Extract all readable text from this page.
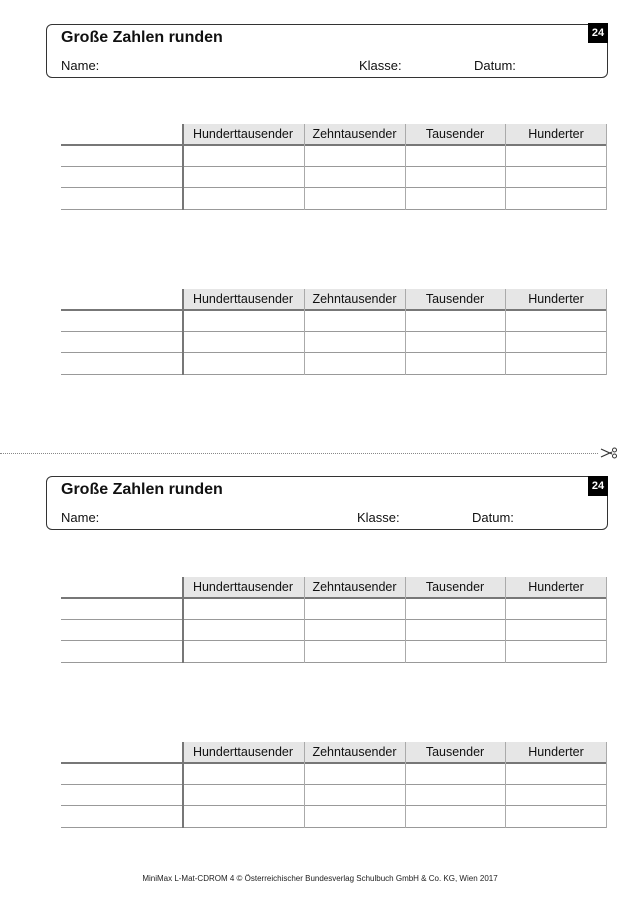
Große Zahlen runden
Name:	Klasse:	Datum:
24
Hunderttausender	Zehntausender	Tausender	Hunderter
Hunderttausender	Zehntausender	Tausender	Hunderter
Große Zahlen runden
Name:	Klasse:	Datum:
24
Hunderttausender	Zehntausender	Tausender	Hunderter
Hunderttausender	Zehntausender	Tausender	Hunderter
MiniMax L-Mat-CDROM 4 © Österreichischer Bundesverlag Schulbuch GmbH & Co. KG, Wien 2017
